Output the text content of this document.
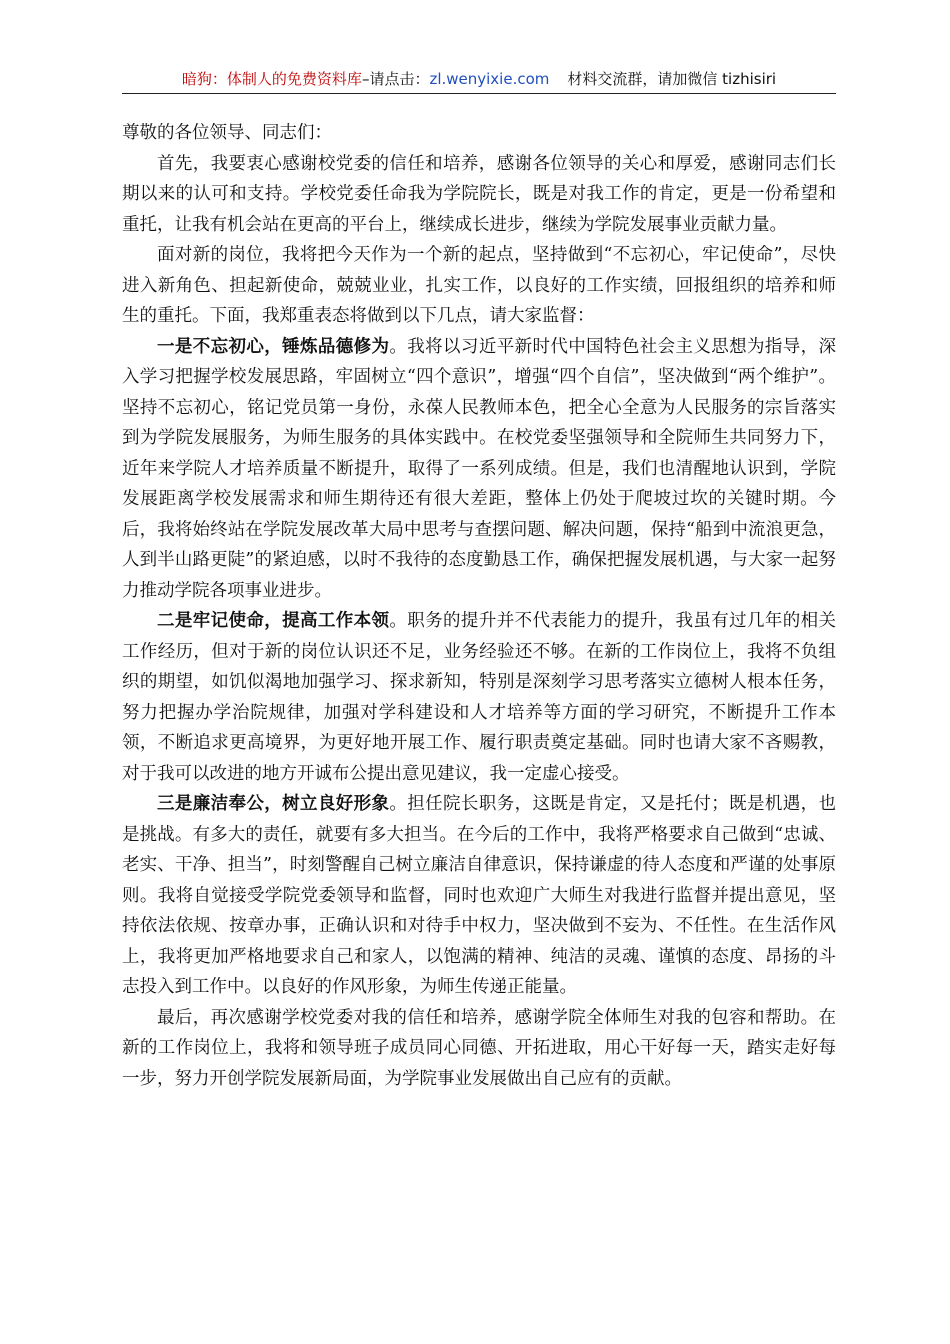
暗狗：体制人的免费资料库–请点击：zl.wenyixie.com 材料交流群，请加微信 tizhisiri

尊敬的各位领导、同志们：

首先，我要衷心感谢校党委的信任和培养，感谢各位领导的关心和厚爱，感谢同志们长期以来的认可和支持。学校党委任命我为学院院长，既是对我工作的肯定，更是一份希望和重托，让我有机会站在更高的平台上，继续成长进步，继续为学院发展事业贡献力量。

面对新的岗位，我将把今天作为一个新的起点，坚持做到“不忘初心，牢记使命”，尽快进入新角色、担起新使命，兢兢业业，扎实工作，以良好的工作实绩，回报组织的培养和师生的重托。下面，我郑重表态将做到以下几点，请大家监督：

一是不忘初心，锤炼品德修为。我将以习近平新时代中国特色社会主义思想为指导，深入学习把握学校发展思路，牢固树立“四个意识”，增强“四个自信”，坚决做到“两个维护”。坚持不忘初心，铭记党员第一身份，永葆人民教师本色，把全心全意为人民服务的宗旨落实到为学院发展服务，为师生服务的具体实践中。在校党委坚强领导和全院师生共同努力下，近年来学院人才培养质量不断提升，取得了一系列成绩。但是，我们也清醒地认识到，学院发展距离学校发展需求和师生期待还有很大差距，整体上仍处于爬坡过坎的关键时期。今后，我将始终站在学院发展改革大局中思考与查摆问题、解决问题，保持“船到中流浪更急，人到半山路更陡”的紧迫感，以时不我待的态度勤恳工作，确保把握发展机遇，与大家一起努力推动学院各项事业进步。

二是牢记使命，提高工作本领。职务的提升并不代表能力的提升，我虽有过几年的相关工作经历，但对于新的岗位认识还不足，业务经验还不够。在新的工作岗位上，我将不负组织的期望，如饥似渴地加强学习、探求新知，特别是深刻学习思考落实立德树人根本任务，努力把握办学治院规律，加强对学科建设和人才培养等方面的学习研究，不断提升工作本领，不断追求更高境界，为更好地开展工作、履行职责奠定基础。同时也请大家不吝赐教，对于我可以改进的地方开诚布公提出意见建议，我一定虚心接受。

三是廉洁奉公，树立良好形象。担任院长职务，这既是肯定，又是托付；既是机遇，也是挑战。有多大的责任，就要有多大担当。在今后的工作中，我将严格要求自己做到“忠诚、老实、干净、担当”，时刻警醒自己树立廉洁自律意识，保持谦虚的待人态度和严谨的处事原则。我将自觉接受学院党委领导和监督，同时也欢迎广大师生对我进行监督并提出意见，坚持依法依规、按章办事，正确认识和对待手中权力，坚决做到不妄为、不任性。在生活作风上，我将更加严格地要求自己和家人，以饱满的精神、纯洁的灵魂、谨慎的态度、昂扬的斗志投入到工作中。以良好的作风形象，为师生传递正能量。

最后，再次感谢学校党委对我的信任和培养，感谢学院全体师生对我的包容和帮助。在新的工作岗位上，我将和领导班子成员同心同德、开拓进取，用心干好每一天，踏实走好每一步，努力开创学院发展新局面，为学院事业发展做出自己应有的贡献。
